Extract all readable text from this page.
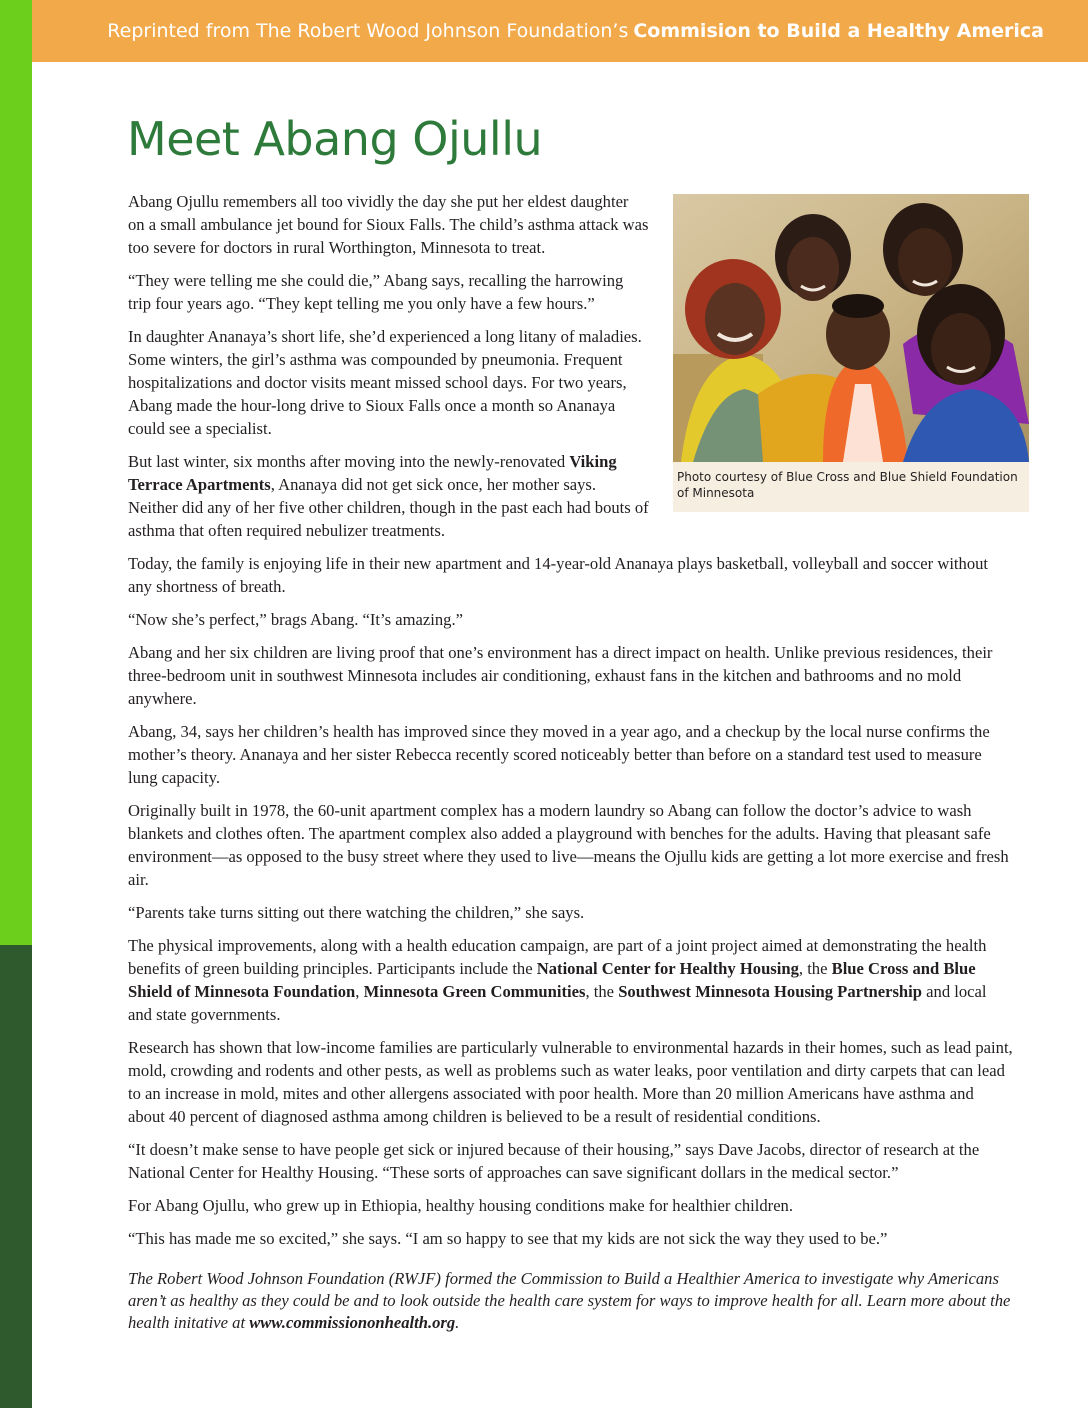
Reprinted from The Robert Wood Johnson Foundation’s Commision to Build a Healthy America
Meet Abang Ojullu
Photo courtesy of Blue Cross and Blue Shield Foundation of Minnesota

Abang Ojullu remembers all too vividly the day she put her eldest daughter on a small ambulance jet bound for Sioux Falls. The child’s asthma attack was too severe for doctors in rural Worthington, Minnesota to treat.

“They were telling me she could die,” Abang says, recalling the harrowing trip four years ago. “They kept telling me you only have a few hours.”

In daughter Ananaya’s short life, she’d experienced a long litany of maladies. Some winters, the girl’s asthma was compounded by pneumonia. Frequent hospitalizations and doctor visits meant missed school days. For two years, Abang made the hour-long drive to Sioux Falls once a month so Ananaya could see a specialist.

But last winter, six months after moving into the newly-renovated Viking Terrace Apartments, Ananaya did not get sick once, her mother says. Neither did any of her five other children, though in the past each had bouts of asthma that often required nebulizer treatments.

Today, the family is enjoying life in their new apartment and 14-year-old Ananaya plays basketball, volleyball and soccer without any shortness of breath.

“Now she’s perfect,” brags Abang. “It’s amazing.”

Abang and her six children are living proof that one’s environment has a direct impact on health. Unlike previous residences, their three-bedroom unit in southwest Minnesota includes air conditioning, exhaust fans in the kitchen and bathrooms and no mold anywhere.

Abang, 34, says her children’s health has improved since they moved in a year ago, and a checkup by the local nurse confirms the mother’s theory. Ananaya and her sister Rebecca recently scored noticeably better than before on a standard test used to measure lung capacity.

Originally built in 1978, the 60-unit apartment complex has a modern laundry so Abang can follow the doctor’s advice to wash blankets and clothes often. The apartment complex also added a playground with benches for the adults. Having that pleasant safe environment—as opposed to the busy street where they used to live—means the Ojullu kids are getting a lot more exercise and fresh air.

“Parents take turns sitting out there watching the children,” she says.

The physical improvements, along with a health education campaign, are part of a joint project aimed at demonstrating the health benefits of green building principles. Participants include the National Center for Healthy Housing, the Blue Cross and Blue Shield of Minnesota Foundation, Minnesota Green Communities, the Southwest Minnesota Housing Partnership and local and state governments.

Research has shown that low-income families are particularly vulnerable to environmental hazards in their homes, such as lead paint, mold, crowding and rodents and other pests, as well as problems such as water leaks, poor ventilation and dirty carpets that can lead to an increase in mold, mites and other allergens associated with poor health. More than 20 million Americans have asthma and about 40 percent of diagnosed asthma among children is believed to be a result of residential conditions.

“It doesn’t make sense to have people get sick or injured because of their housing,” says Dave Jacobs, director of research at the National Center for Healthy Housing. “These sorts of approaches can save significant dollars in the medical sector.”

For Abang Ojullu, who grew up in Ethiopia, healthy housing conditions make for healthier children.

“This has made me so excited,” she says. “I am so happy to see that my kids are not sick the way they used to be.”

The Robert Wood Johnson Foundation (RWJF) formed the Commission to Build a Healthier America to investigate why Americans aren’t as healthy as they could be and to look outside the health care system for ways to improve health for all. Learn more about the health initative at www.commissiononhealth.org.
